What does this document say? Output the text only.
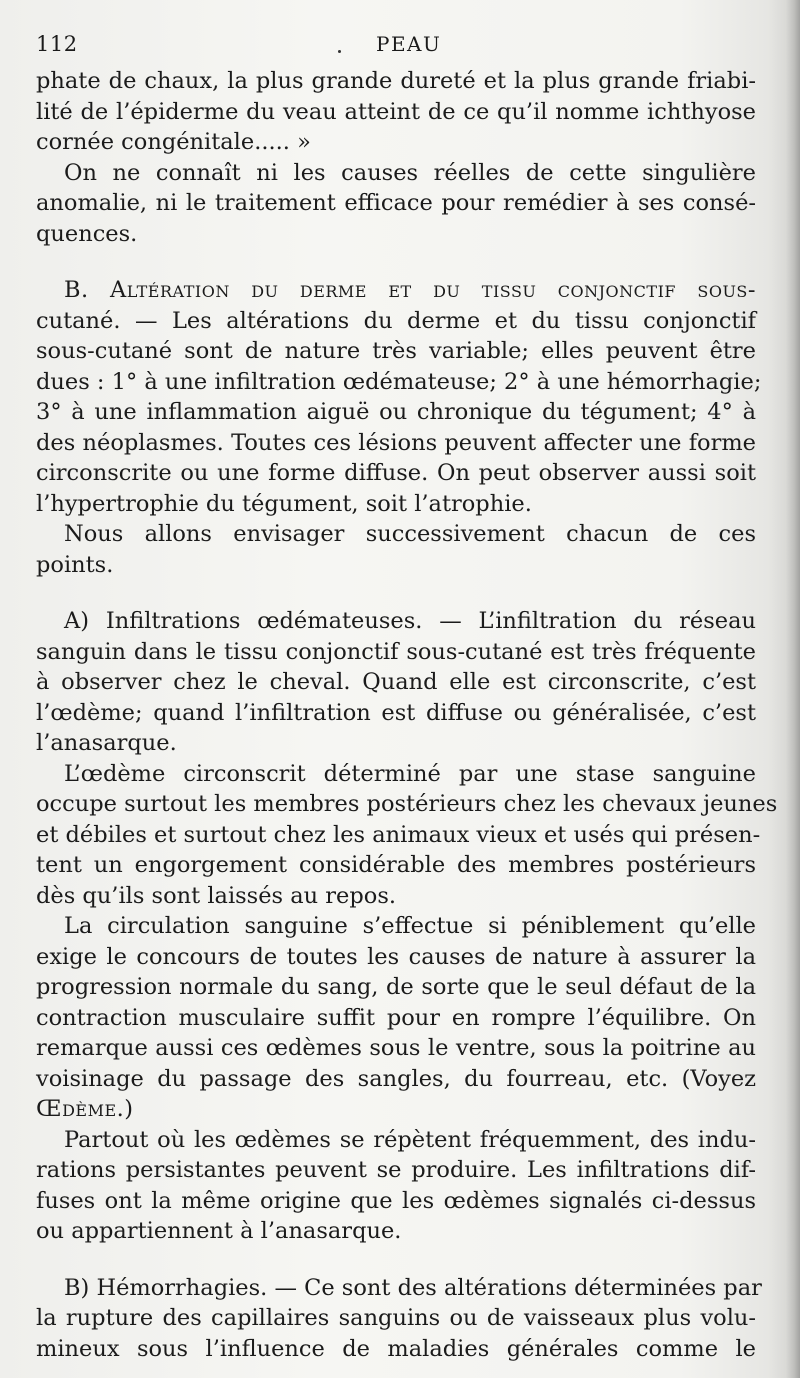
112	PEAU
phate de chaux, la plus grande dureté et la plus grande friabi-
lité de l’épiderme du veau atteint de ce qu’il nomme ichthyose
cornée congénitale..... »
On ne connaît ni les causes réelles de cette singulière
anomalie, ni le traitement efficace pour remédier à ses consé-
quences.
B. Altération du derme et du tissu conjonctif sous-
cutané. — Les altérations du derme et du tissu conjonctif
sous-cutané sont de nature très variable; elles peuvent être
dues : 1° à une infiltration œdémateuse; 2° à une hémorrhagie;
3° à une inflammation aiguë ou chronique du tégument; 4° à
des néoplasmes. Toutes ces lésions peuvent affecter une forme
circonscrite ou une forme diffuse. On peut observer aussi soit
l’hypertrophie du tégument, soit l’atrophie.
Nous allons envisager successivement chacun de ces
points.
A) Infiltrations œdémateuses. — L’infiltration du réseau
sanguin dans le tissu conjonctif sous-cutané est très fréquente
à observer chez le cheval. Quand elle est circonscrite, c’est
l’œdème; quand l’infiltration est diffuse ou généralisée, c’est
l’anasarque.
L’œdème circonscrit déterminé par une stase sanguine
occupe surtout les membres postérieurs chez les chevaux jeunes
et débiles et surtout chez les animaux vieux et usés qui présen-
tent un engorgement considérable des membres postérieurs
dès qu’ils sont laissés au repos.
La circulation sanguine s’effectue si péniblement qu’elle
exige le concours de toutes les causes de nature à assurer la
progression normale du sang, de sorte que le seul défaut de la
contraction musculaire suffit pour en rompre l’équilibre. On
remarque aussi ces œdèmes sous le ventre, sous la poitrine au
voisinage du passage des sangles, du fourreau, etc. (Voyez
Œdème.)
Partout où les œdèmes se répètent fréquemment, des indu-
rations persistantes peuvent se produire. Les infiltrations dif-
fuses ont la même origine que les œdèmes signalés ci-dessus
ou appartiennent à l’anasarque.
B) Hémorrhagies. — Ce sont des altérations déterminées par
la rupture des capillaires sanguins ou de vaisseaux plus volu-
mineux sous l’influence de maladies générales comme le
